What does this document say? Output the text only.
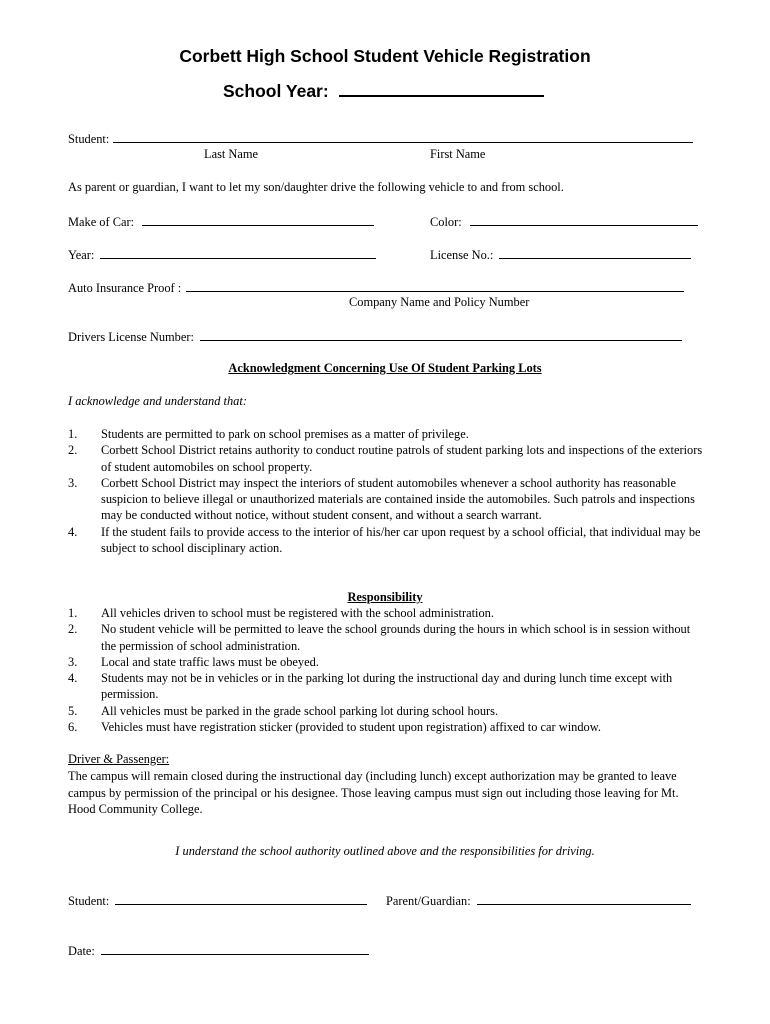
Corbett High School Student Vehicle Registration
School Year:
Student:
Last Name	First Name
As parent or guardian, I want to let my son/daughter drive the following vehicle to and from school.
Make of Car:	Color:
Year:	License No.:
Auto Insurance Proof :
Company Name and Policy Number
Drivers License Number:
Acknowledgment Concerning Use Of Student Parking Lots
I acknowledge and understand that:
1. Students are permitted to park on school premises as a matter of privilege.
2. Corbett School District retains authority to conduct routine patrols of student parking lots and inspections of the exteriors of student automobiles on school property.
3. Corbett School District may inspect the interiors of student automobiles whenever a school authority has reasonable suspicion to believe illegal or unauthorized materials are contained inside the automobiles. Such patrols and inspections may be conducted without notice, without student consent, and without a search warrant.
4. If the student fails to provide access to the interior of his/her car upon request by a school official, that individual may be subject to school disciplinary action.
Responsibility
1. All vehicles driven to school must be registered with the school administration.
2. No student vehicle will be permitted to leave the school grounds during the hours in which school is in session without the permission of school administration.
3. Local and state traffic laws must be obeyed.
4. Students may not be in vehicles or in the parking lot during the instructional day and during lunch time except with permission.
5. All vehicles must be parked in the grade school parking lot during school hours.
6. Vehicles must have registration sticker (provided to student upon registration) affixed to car window.
Driver & Passenger:
The campus will remain closed during the instructional day (including lunch) except authorization may be granted to leave campus by permission of the principal or his designee. Those leaving campus must sign out including those leaving for Mt. Hood Community College.
I understand the school authority outlined above and the responsibilities for driving.
Student:	Parent/Guardian:
Date:
